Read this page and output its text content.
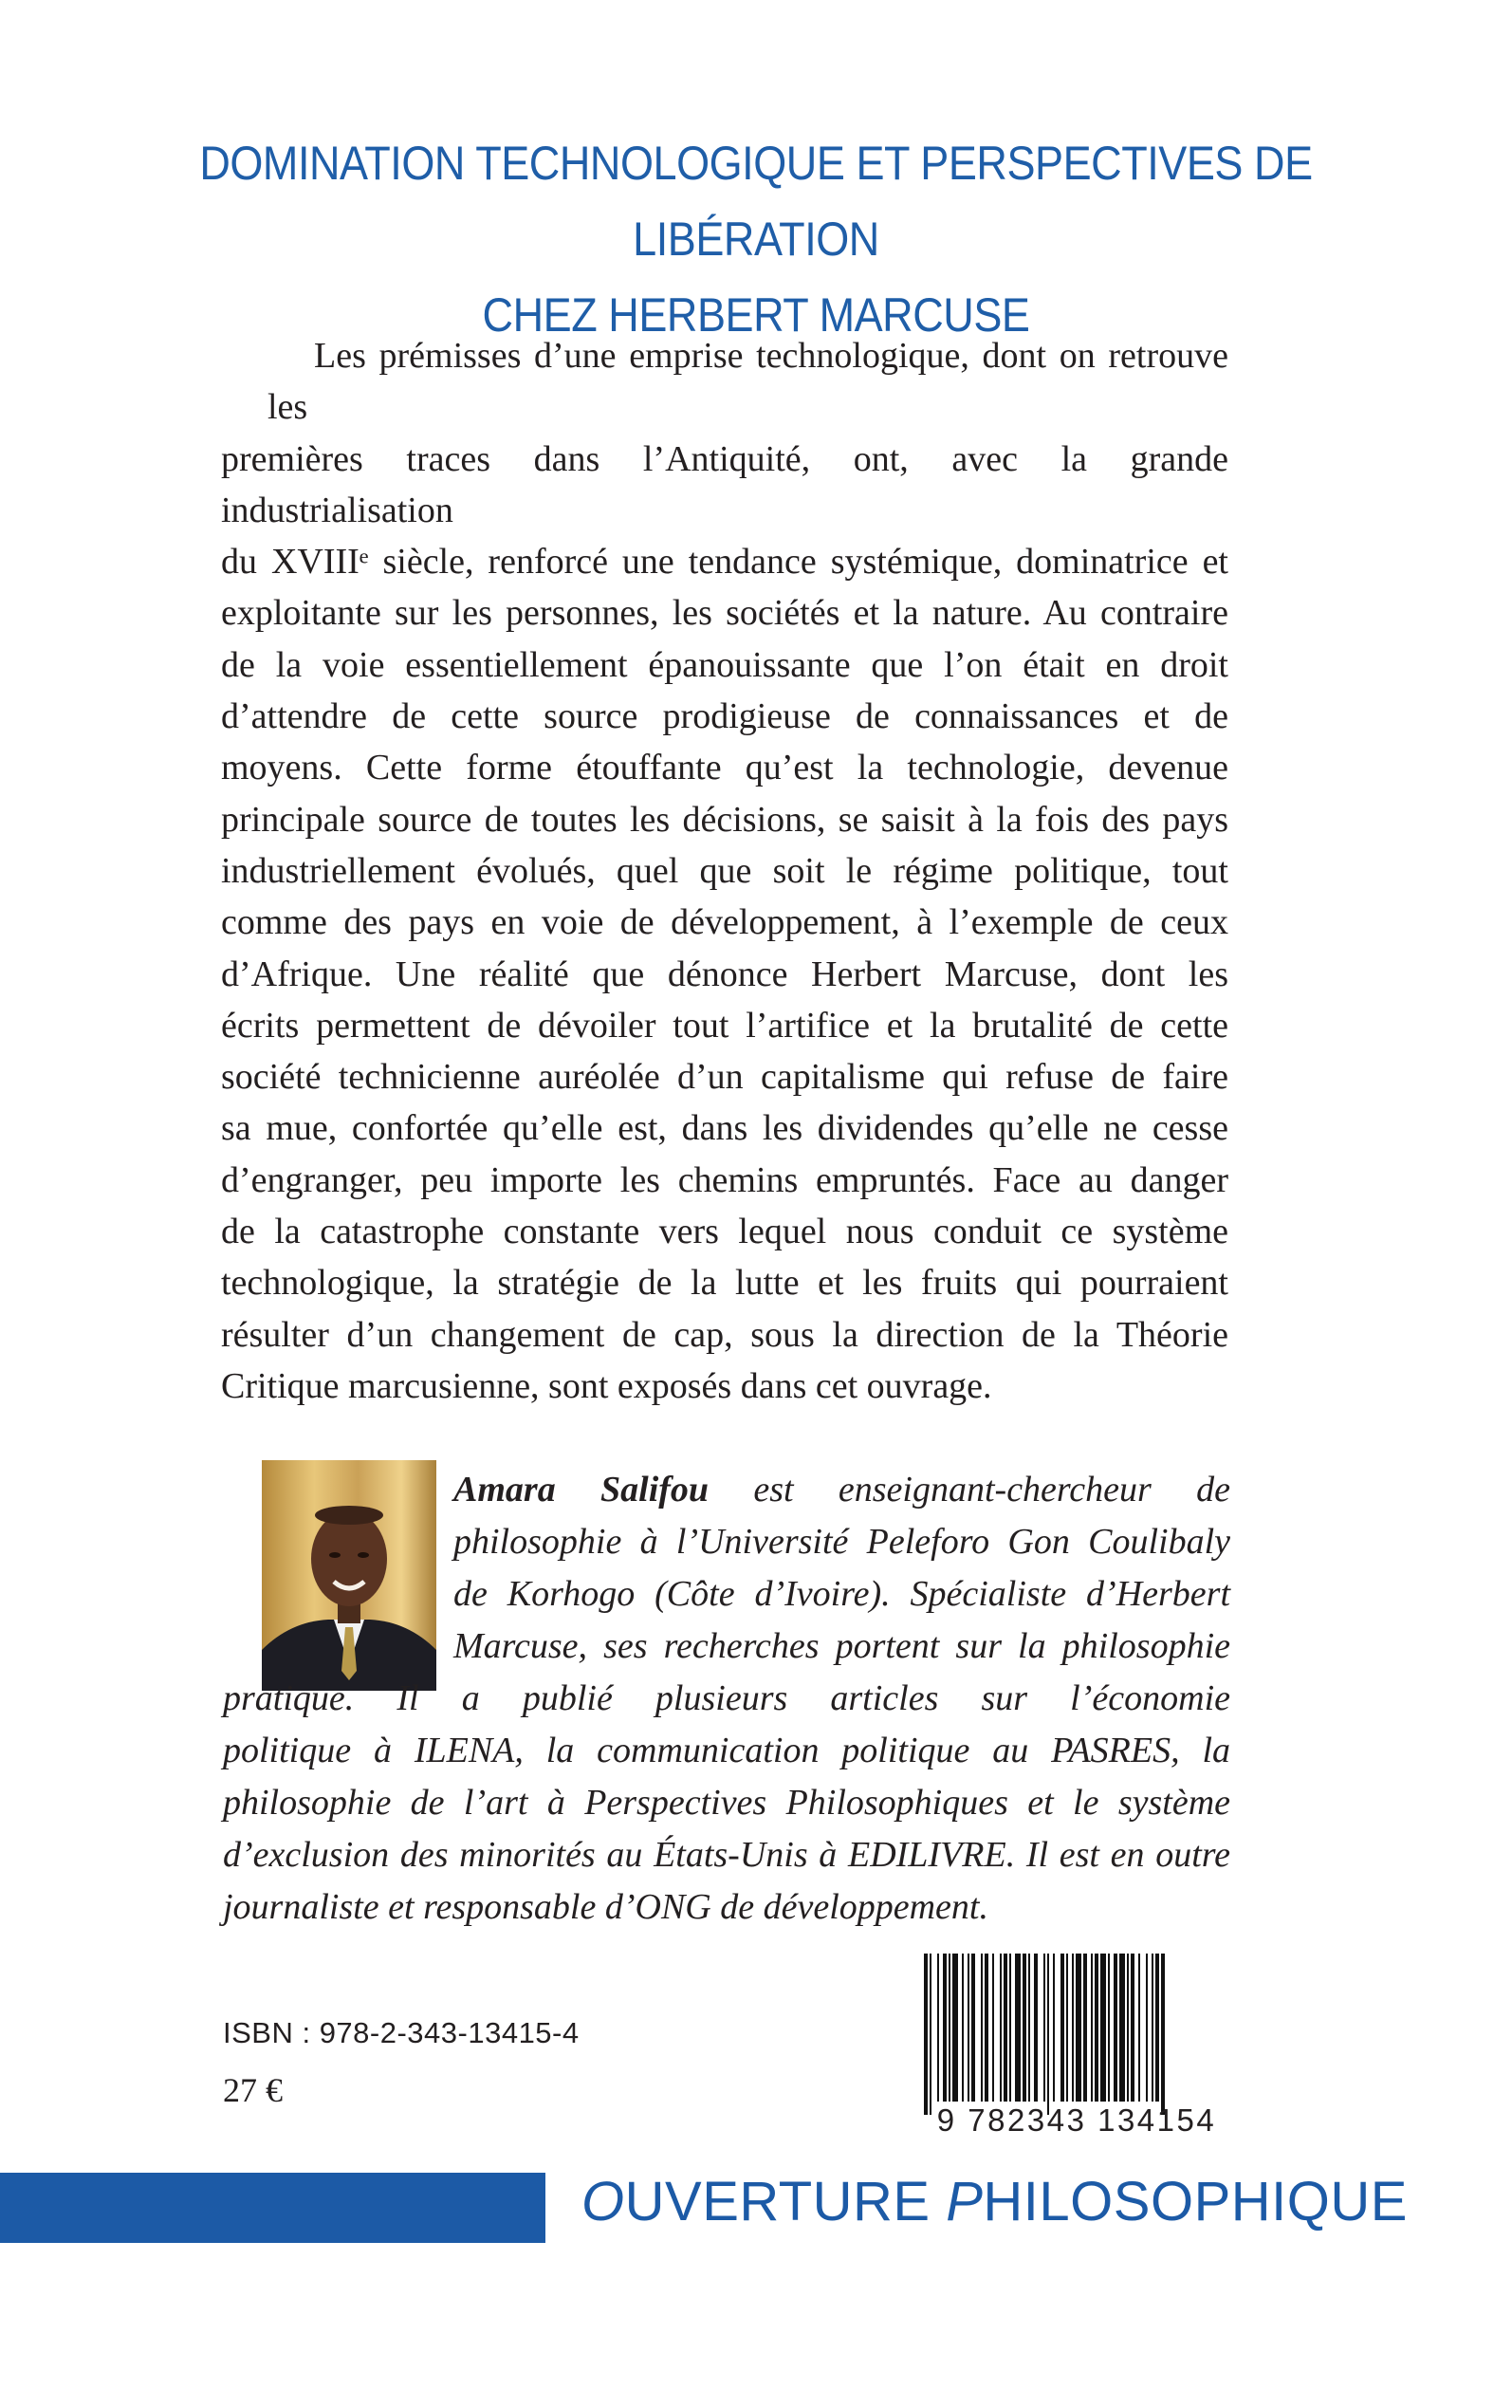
DOMINATION TECHNOLOGIQUE ET PERSPECTIVES DE LIBÉRATION
CHEZ HERBERT MARCUSE
Les prémisses d’une emprise technologique, dont on retrouve les
premières traces dans l’Antiquité, ont, avec la grande industrialisation
du XVIIIᵉ siècle, renforcé une tendance systémique, dominatrice et
exploitante sur les personnes, les sociétés et la nature. Au contraire
de la voie essentiellement épanouissante que l’on était en droit
d’attendre de cette source prodigieuse de connaissances et de
moyens. Cette forme étouffante qu’est la technologie, devenue
principale source de toutes les décisions, se saisit à la fois des pays
industriellement évolués, quel que soit le régime politique, tout
comme des pays en voie de développement, à l’exemple de ceux
d’Afrique. Une réalité que dénonce Herbert Marcuse, dont les
écrits permettent de dévoiler tout l’artifice et la brutalité de cette
société technicienne auréolée d’un capitalisme qui refuse de faire
sa mue, confortée qu’elle est, dans les dividendes qu’elle ne cesse
d’engranger, peu importe les chemins empruntés. Face au danger
de la catastrophe constante vers lequel nous conduit ce système
technologique, la stratégie de la lutte et les fruits qui pourraient
résulter d’un changement de cap, sous la direction de la Théorie
Critique marcusienne, sont exposés dans cet ouvrage.
Amara Salifou est enseignant-chercheur de
philosophie à l’Université Peleforo Gon Coulibaly
de Korhogo (Côte d’Ivoire). Spécialiste d’Herbert
Marcuse, ses recherches portent sur la philosophie
pratique. Il a publié plusieurs articles sur l’économie
politique à ILENA, la communication politique au PASRES, la
philosophie de l’art à Perspectives Philosophiques et le système
d’exclusion des minorités au États-Unis à EDILIVRE. Il est en outre
journaliste et responsable d’ONG de développement.
ISBN : 978-2-343-13415-4
27 €
9 782343 134154
OUVERTURE PHILOSOPHIQUE
